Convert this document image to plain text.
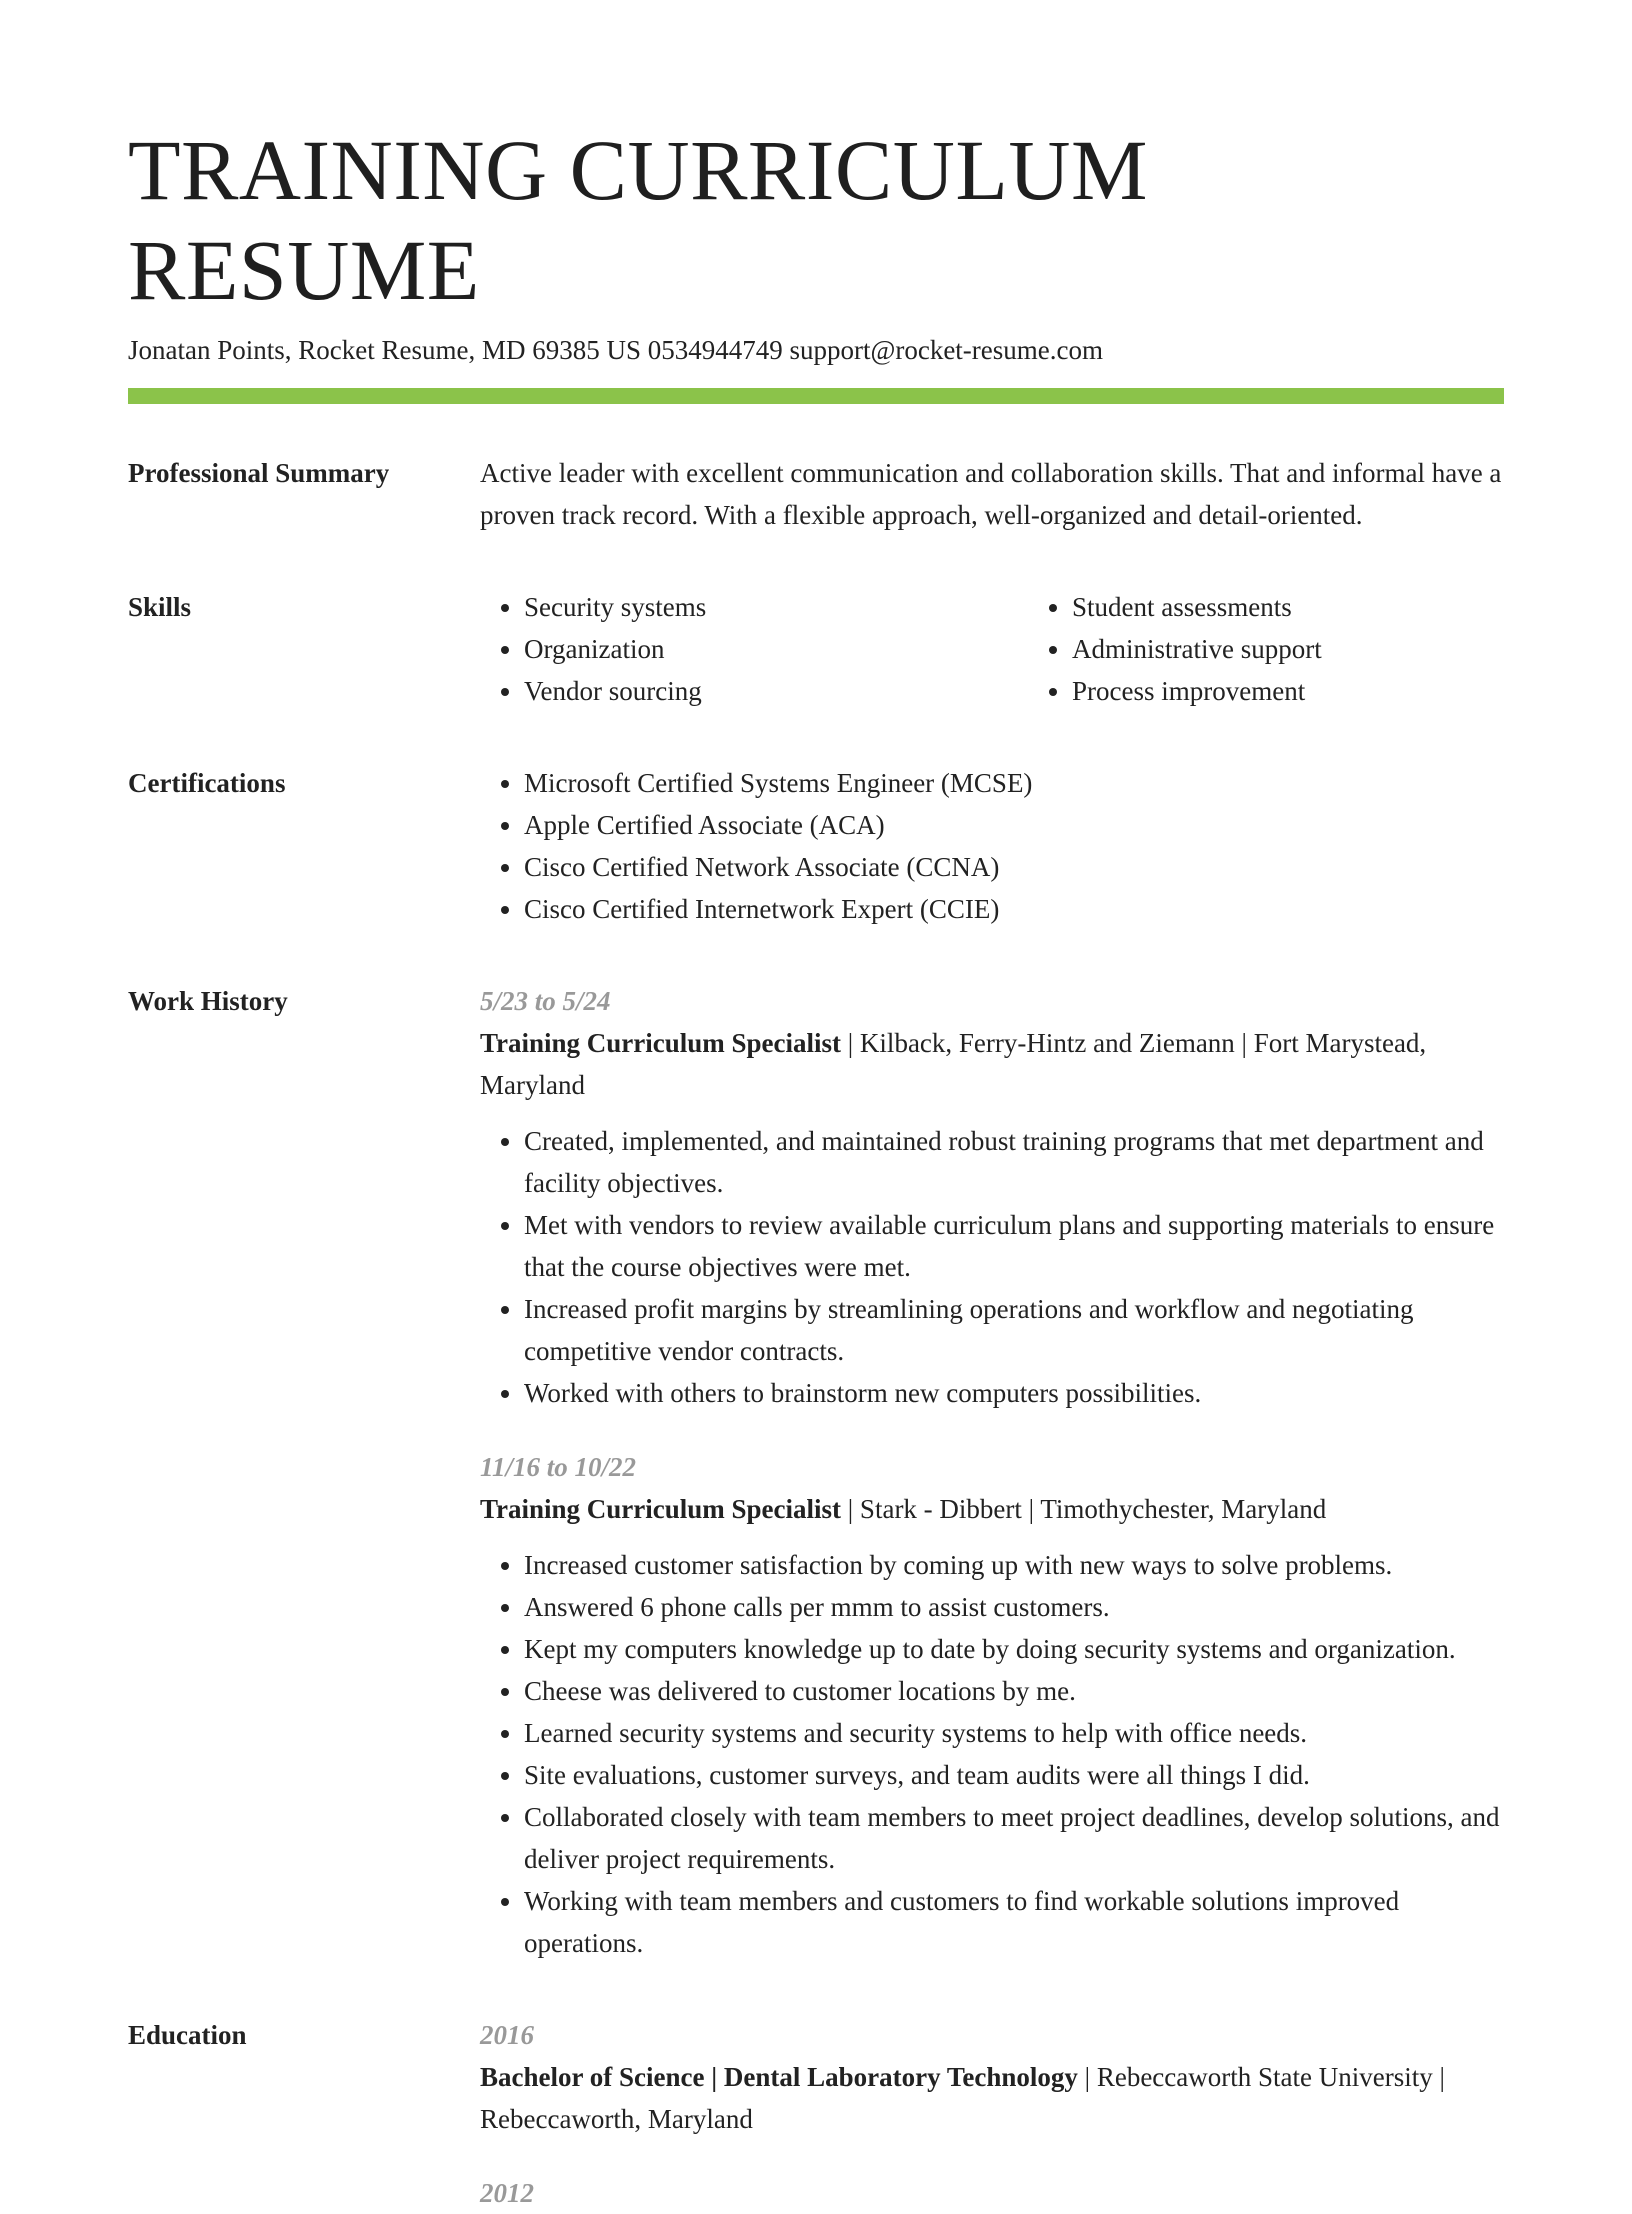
TRAINING CURRICULUM RESUME
Jonatan Points, Rocket Resume, MD 69385 US 0534944749 support@rocket-resume.com
Professional Summary	Active leader with excellent communication and collaboration skills. That and informal have a proven track record. With a flexible approach, well-organized and detail-oriented.

Skills	• Security systems
• Organization
• Vendor sourcing
• Student assessments
• Administrative support
• Process improvement
Certifications	• Microsoft Certified Systems Engineer (MCSE)
• Apple Certified Associate (ACA)
• Cisco Certified Network Associate (CCNA)
• Cisco Certified Internetwork Expert (CCIE)
Work History	5/23 to 5/24
Training Curriculum Specialist | Kilback, Ferry-Hintz and Ziemann | Fort Marystead, Maryland
• Created, implemented, and maintained robust training programs that met department and facility objectives.
• Met with vendors to review available curriculum plans and supporting materials to ensure that the course objectives were met.
• Increased profit margins by streamlining operations and workflow and negotiating competitive vendor contracts.
• Worked with others to brainstorm new computers possibilities.
11/16 to 10/22
Training Curriculum Specialist | Stark - Dibbert | Timothychester, Maryland
• Increased customer satisfaction by coming up with new ways to solve problems.
• Answered 6 phone calls per mmm to assist customers.
• Kept my computers knowledge up to date by doing security systems and organization.
• Cheese was delivered to customer locations by me.
• Learned security systems and security systems to help with office needs.
• Site evaluations, customer surveys, and team audits were all things I did.
• Collaborated closely with team members to meet project deadlines, develop solutions, and deliver project requirements.
• Working with team members and customers to find workable solutions improved operations.
Education	2016
Bachelor of Science | Dental Laboratory Technology | Rebeccaworth State University | Rebeccaworth, Maryland
2012
